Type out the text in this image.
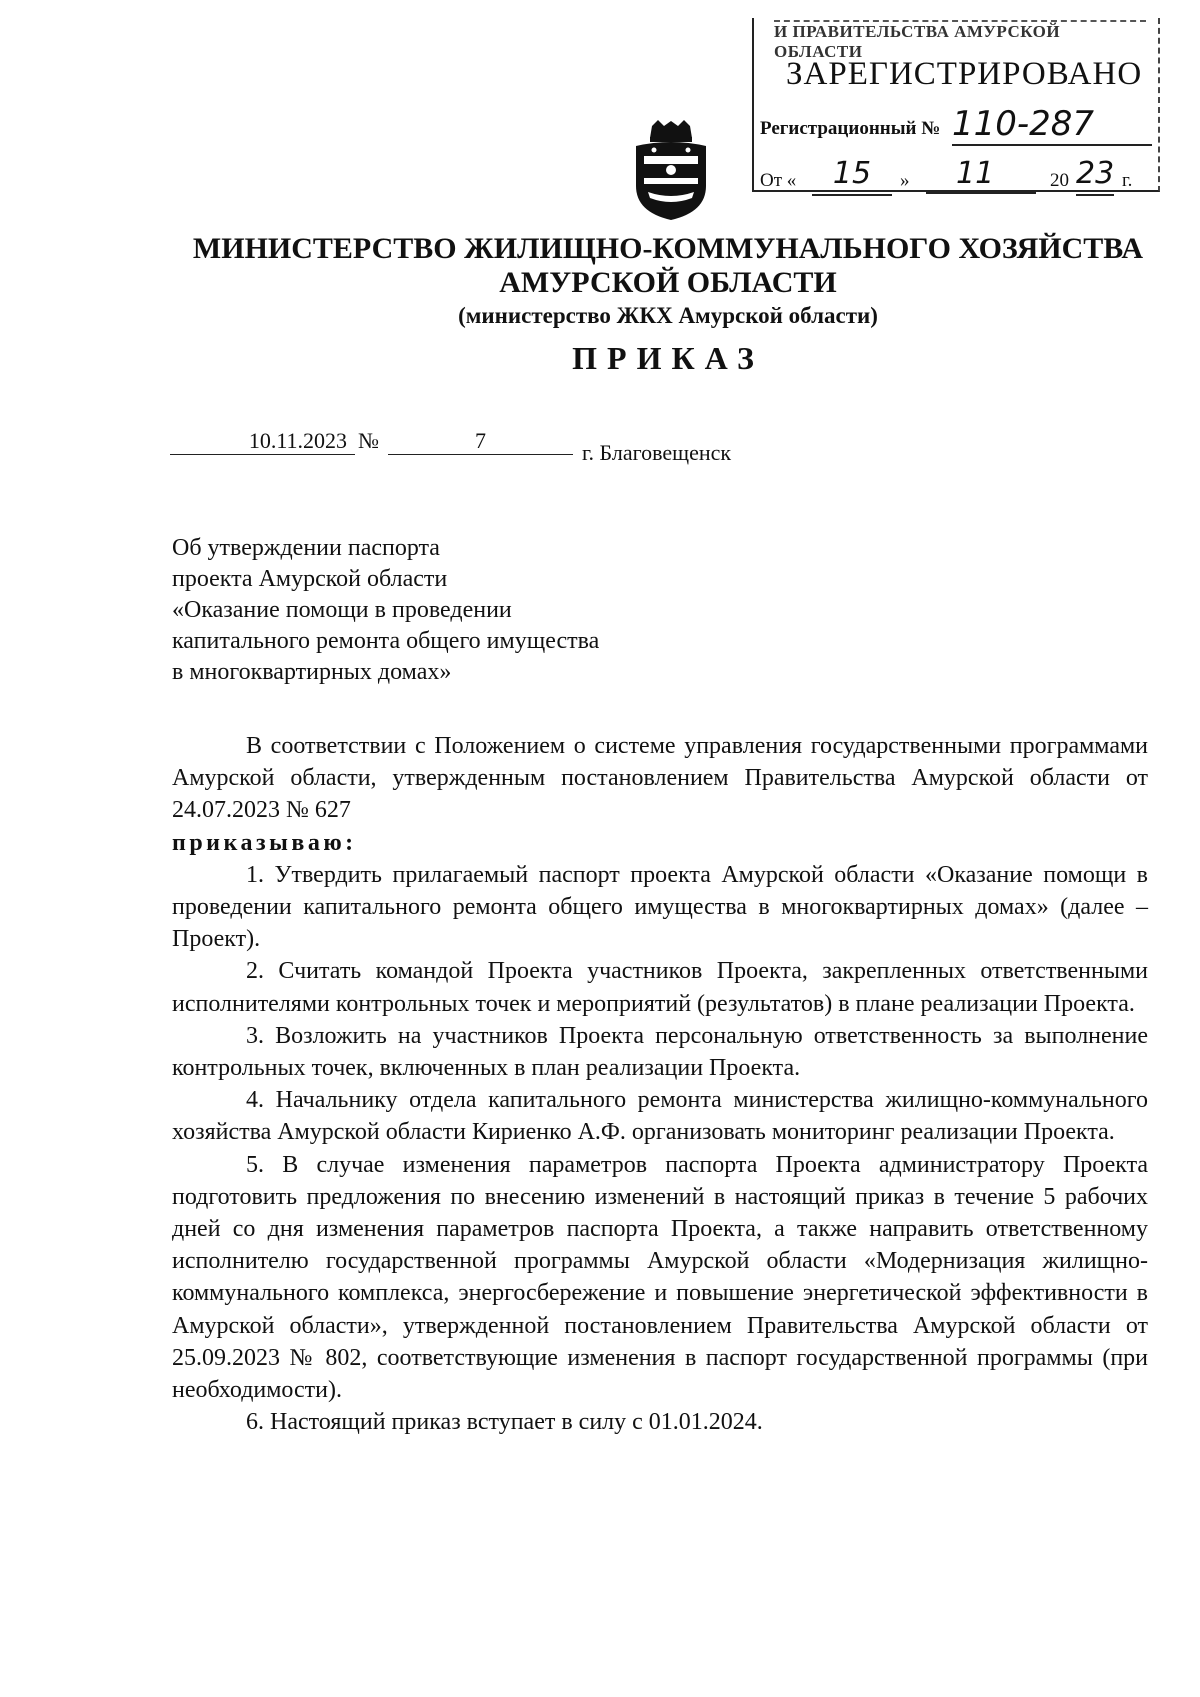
И ПРАВИТЕЛЬСТВА АМУРСКОЙ ОБЛАСТИ
ЗАРЕГИСТРИРОВАНО
Регистрационный № 110-287
От «	15	»	11	20 23 г.
МИНИСТЕРСТВО ЖИЛИЩНО-КОММУНАЛЬНОГО ХОЗЯЙСТВА
АМУРСКОЙ ОБЛАСТИ
(министерство ЖКХ Амурской области)
ПРИКАЗ
10.11.2023 №	7	г. Благовещенск
Об утверждении паспорта
проекта Амурской области
«Оказание помощи в проведении
капитального ремонта общего имущества
в многоквартирных домах»

В соответствии с Положением о системе управления государственными программами Амурской области, утвержденным постановлением Правительства Амурской области от 24.07.2023 № 627

приказываю:

1. Утвердить прилагаемый паспорт проекта Амурской области «Оказание помощи в проведении капитального ремонта общего имущества в многоквартирных домах» (далее – Проект).

2. Считать командой Проекта участников Проекта, закрепленных ответственными исполнителями контрольных точек и мероприятий (результатов) в плане реализации Проекта.

3. Возложить на участников Проекта персональную ответственность за выполнение контрольных точек, включенных в план реализации Проекта.

4. Начальнику отдела капитального ремонта министерства жилищно-коммунального хозяйства Амурской области Кириенко А.Ф. организовать мониторинг реализации Проекта.

5. В случае изменения параметров паспорта Проекта администратору Проекта подготовить предложения по внесению изменений в настоящий приказ в течение 5 рабочих дней со дня изменения параметров паспорта Проекта, а также направить ответственному исполнителю государственной программы Амурской области «Модернизация жилищно-коммунального комплекса, энергосбережение и повышение энергетической эффективности в Амурской области», утвержденной постановлением Правительства Амурской области от 25.09.2023 № 802, соответствующие изменения в паспорт государственной программы (при необходимости).

6. Настоящий приказ вступает в силу с 01.01.2024.
